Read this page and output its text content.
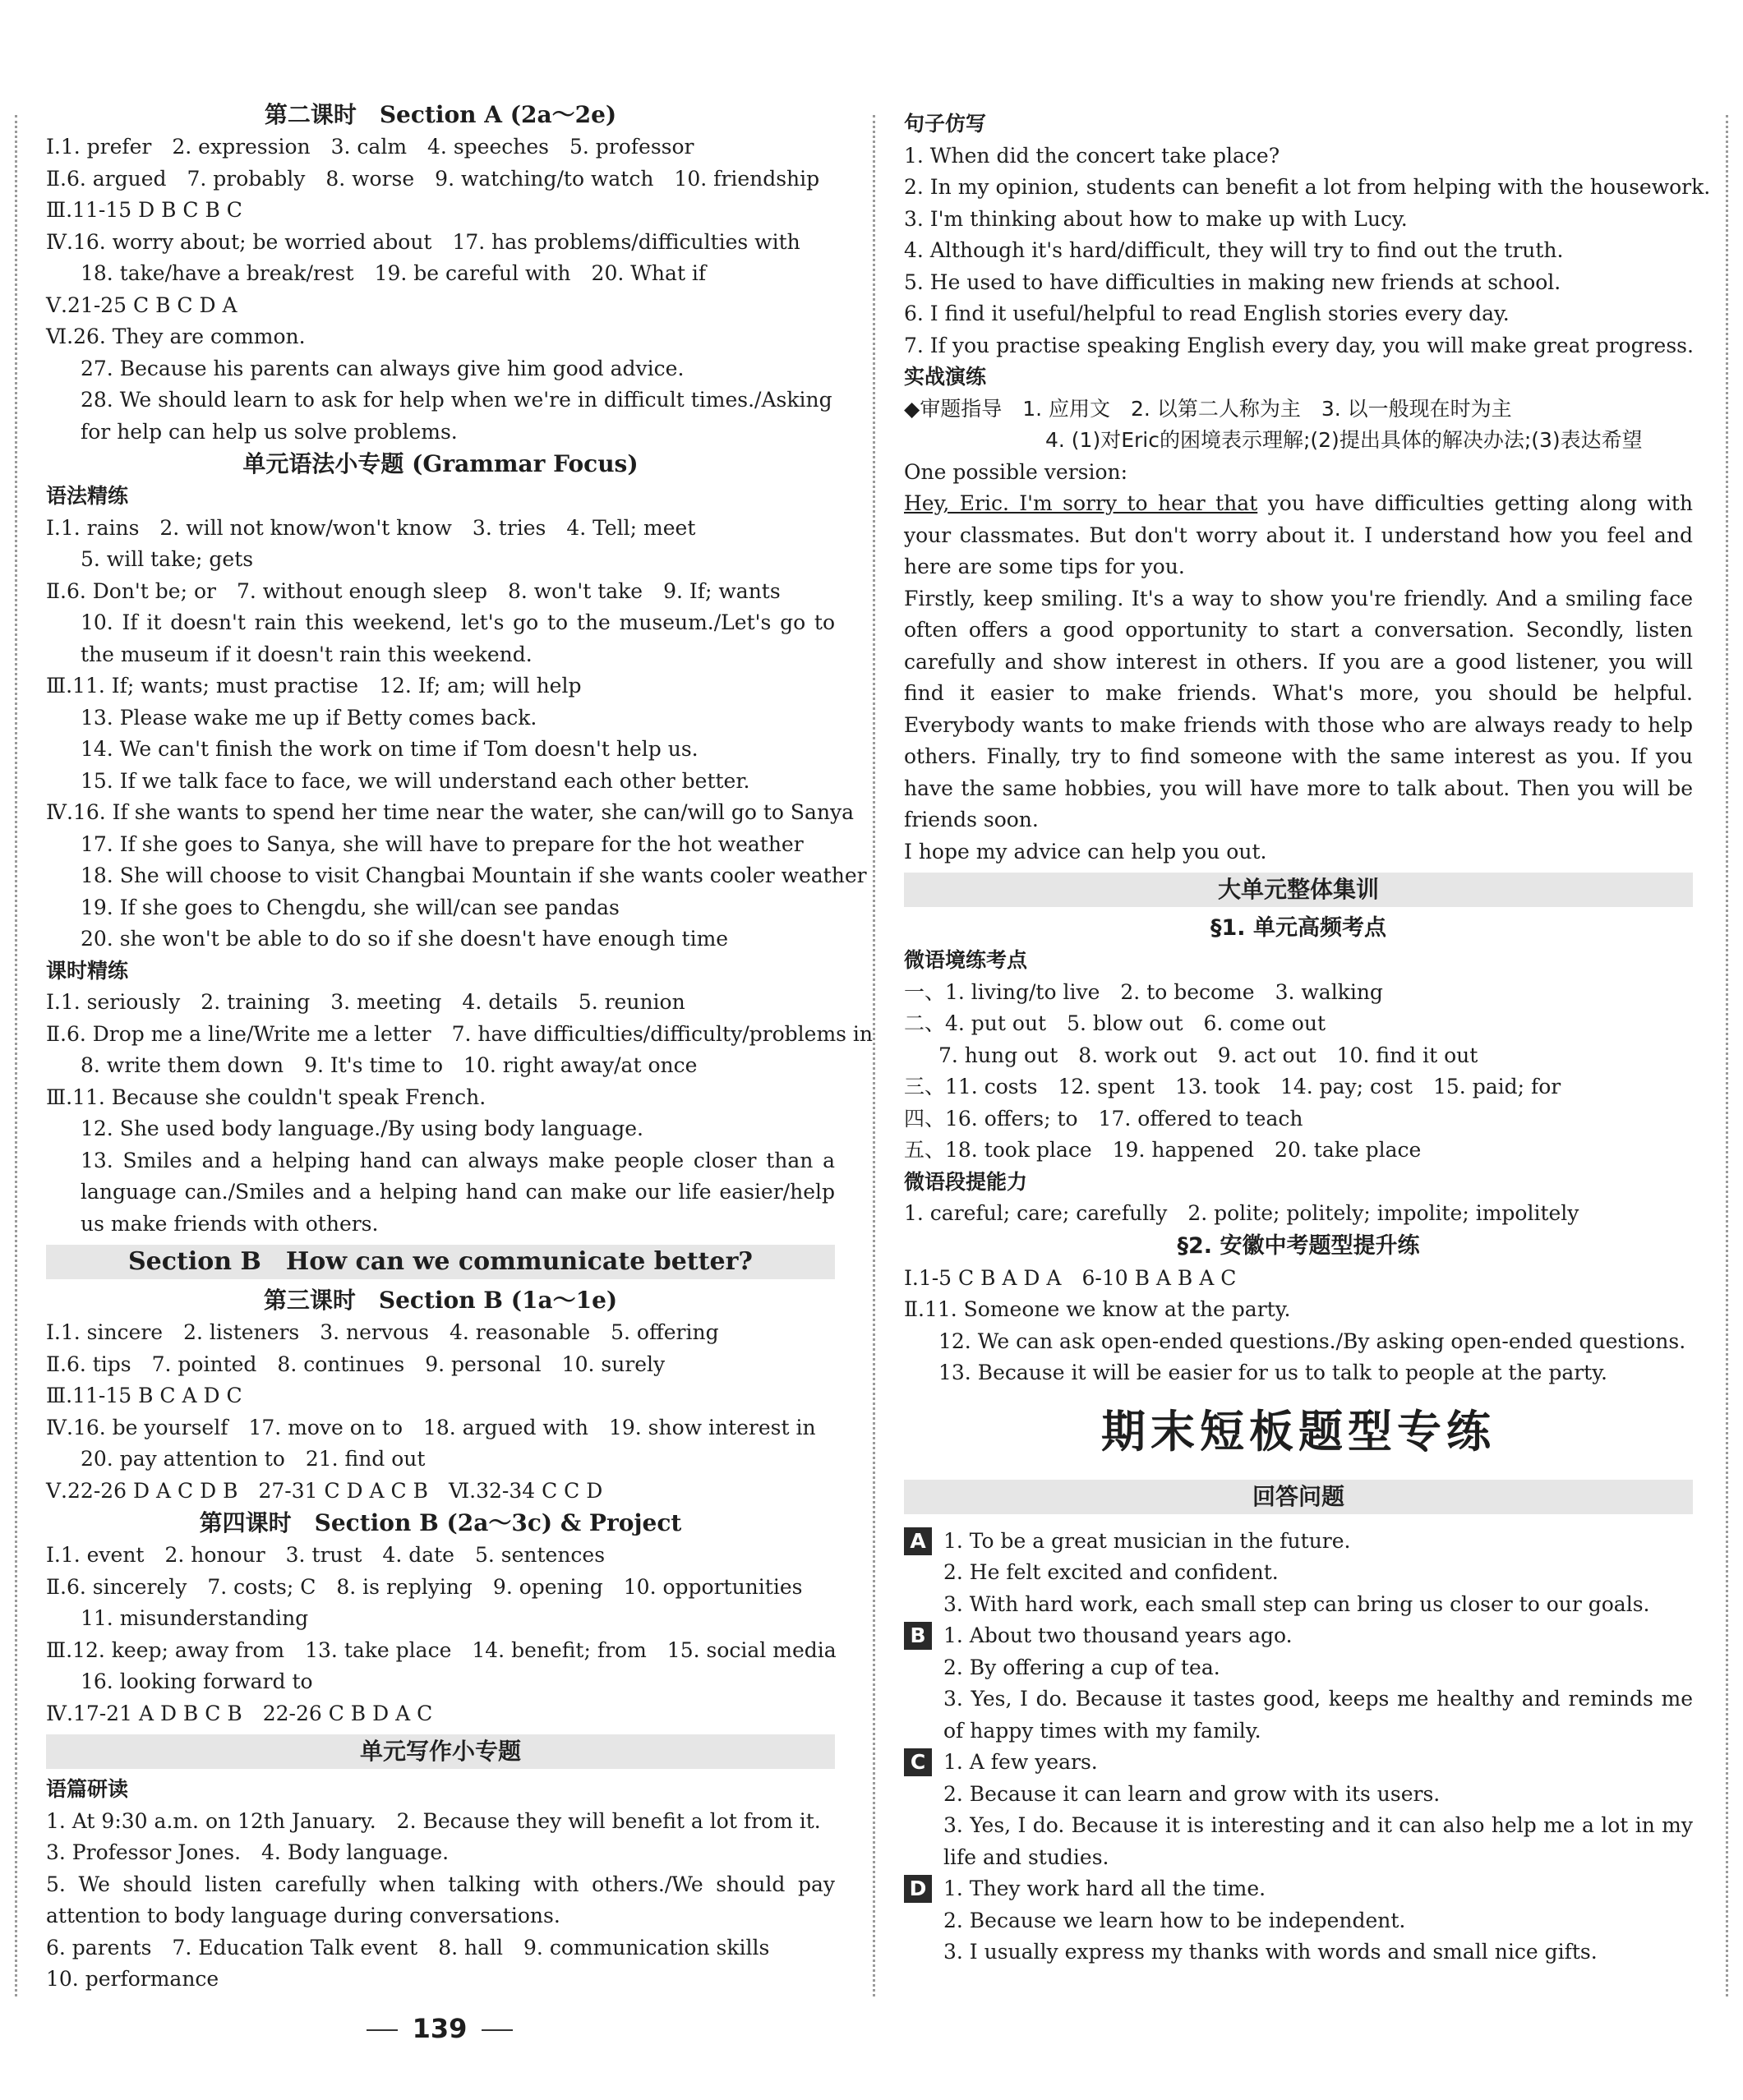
第二课时　Section A (2a～2e)
Ⅰ.1. prefer　2. expression　3. calm　4. speeches　5. professor
Ⅱ.6. argued　7. probably　8. worse　9. watching/to watch　10. friendship
Ⅲ.11-15 D B C B C
Ⅳ.16. worry about; be worried about　17. has problems/difficulties with
18. take/have a break/rest　19. be careful with　20. What if
Ⅴ.21-25 C B C D A
Ⅵ.26. They are common.
27. Because his parents can always give him good advice.
28. We should learn to ask for help when we're in difficult times./Asking for help can help us solve problems.
单元语法小专题 (Grammar Focus)
语法精练
Ⅰ.1. rains　2. will not know/won't know　3. tries　4. Tell; meet
5. will take; gets
Ⅱ.6. Don't be; or　7. without enough sleep　8. won't take　9. If; wants
10. If it doesn't rain this weekend, let's go to the museum./Let's go to the museum if it doesn't rain this weekend.
Ⅲ.11. If; wants; must practise　12. If; am; will help
13. Please wake me up if Betty comes back.
14. We can't finish the work on time if Tom doesn't help us.
15. If we talk face to face, we will understand each other better.
Ⅳ.16. If she wants to spend her time near the water, she can/will go to Sanya
17. If she goes to Sanya, she will have to prepare for the hot weather
18. She will choose to visit Changbai Mountain if she wants cooler weather
19. If she goes to Chengdu, she will/can see pandas
20. she won't be able to do so if she doesn't have enough time
课时精练
Ⅰ.1. seriously　2. training　3. meeting　4. details　5. reunion
Ⅱ.6. Drop me a line/Write me a letter　7. have difficulties/difficulty/problems in
8. write them down　9. It's time to　10. right away/at once
Ⅲ.11. Because she couldn't speak French.
12. She used body language./By using body language.
13. Smiles and a helping hand can always make people closer than a language can./Smiles and a helping hand can make our life easier/help us make friends with others.
Section B　How can we communicate better?
第三课时　Section B (1a～1e)
Ⅰ.1. sincere　2. listeners　3. nervous　4. reasonable　5. offering
Ⅱ.6. tips　7. pointed　8. continues　9. personal　10. surely
Ⅲ.11-15 B C A D C
Ⅳ.16. be yourself　17. move on to　18. argued with　19. show interest in
20. pay attention to　21. find out
Ⅴ.22-26 D A C D B　27-31 C D A C B　Ⅵ.32-34 C C D
第四课时　Section B (2a～3c) & Project
Ⅰ.1. event　2. honour　3. trust　4. date　5. sentences
Ⅱ.6. sincerely　7. costs; C　8. is replying　9. opening　10. opportunities
11. misunderstanding
Ⅲ.12. keep; away from　13. take place　14. benefit; from　15. social media
16. looking forward to
Ⅳ.17-21 A D B C B　22-26 C B D A C
单元写作小专题
语篇研读
1. At 9:30 a.m. on 12th January.　2. Because they will benefit a lot from it.
3. Professor Jones.　4. Body language.
5. We should listen carefully when talking with others./We should pay attention to body language during conversations.
6. parents　7. Education Talk event　8. hall　9. communication skills
10. performance
句子仿写
1. When did the concert take place?
2. In my opinion, students can benefit a lot from helping with the housework.
3. I'm thinking about how to make up with Lucy.
4. Although it's hard/difficult, they will try to find out the truth.
5. He used to have difficulties in making new friends at school.
6. I find it useful/helpful to read English stories every day.
7. If you practise speaking English every day, you will make great progress.
实战演练
◆审题指导　1. 应用文　2. 以第二人称为主　3. 以一般现在时为主
4. (1)对Eric的困境表示理解;(2)提出具体的解决办法;(3)表达希望
One possible version:
Hey, Eric. I'm sorry to hear that you have difficulties getting along with your classmates. But don't worry about it. I understand how you feel and here are some tips for you.
Firstly, keep smiling. It's a way to show you're friendly. And a smiling face often offers a good opportunity to start a conversation. Secondly, listen carefully and show interest in others. If you are a good listener, you will find it easier to make friends. What's more, you should be helpful. Everybody wants to make friends with those who are always ready to help others. Finally, try to find someone with the same interest as you. If you have the same hobbies, you will have more to talk about. Then you will be friends soon.
I hope my advice can help you out.
大单元整体集训
§1. 单元高频考点
微语境练考点
一、1. living/to live　2. to become　3. walking
二、4. put out　5. blow out　6. come out
7. hung out　8. work out　9. act out　10. find it out
三、11. costs　12. spent　13. took　14. pay; cost　15. paid; for
四、16. offers; to　17. offered to teach
五、18. took place　19. happened　20. take place
微语段提能力
1. careful; care; carefully　2. polite; politely; impolite; impolitely
§2. 安徽中考题型提升练
Ⅰ.1-5 C B A D A　6-10 B A B A C
Ⅱ.11. Someone we know at the party.
12. We can ask open-ended questions./By asking open-ended questions.
13. Because it will be easier for us to talk to people at the party.
期末短板题型专练
回答问题
A 1. To be a great musician in the future.
2. He felt excited and confident.
3. With hard work, each small step can bring us closer to our goals.
B 1. About two thousand years ago.
2. By offering a cup of tea.
3. Yes, I do. Because it tastes good, keeps me healthy and reminds me of happy times with my family.
C 1. A few years.
2. Because it can learn and grow with its users.
3. Yes, I do. Because it is interesting and it can also help me a lot in my life and studies.
D 1. They work hard all the time.
2. Because we learn how to be independent.
3. I usually express my thanks with words and small nice gifts.
139
